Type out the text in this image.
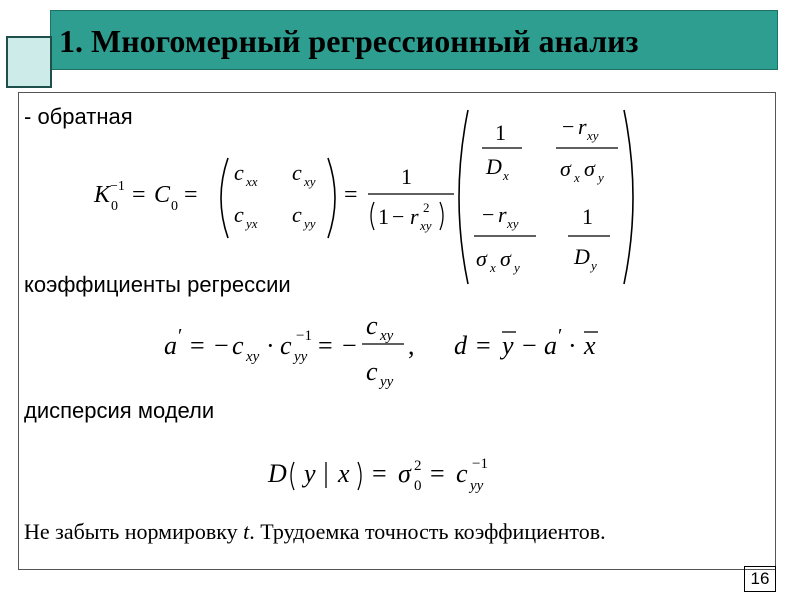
1. Многомерный регрессионный анализ
- обратная
коэффициенты регрессии
дисперсия модели
K 0
−1 = C 0 =
c xx c xy
c yx c yy
=
1
1 − r xy
2
1
D x
− r xy
σ x σ y
− r xy
σ x σ y
1
D y
a ′ = − c xy · c yy
−1 = −
c xy
c yy
, d = y − a ′ · x
D y x = σ 0
2 = c yy
−1
Не забыть нормировку t. Трудоемка точность коэффициентов.
16
